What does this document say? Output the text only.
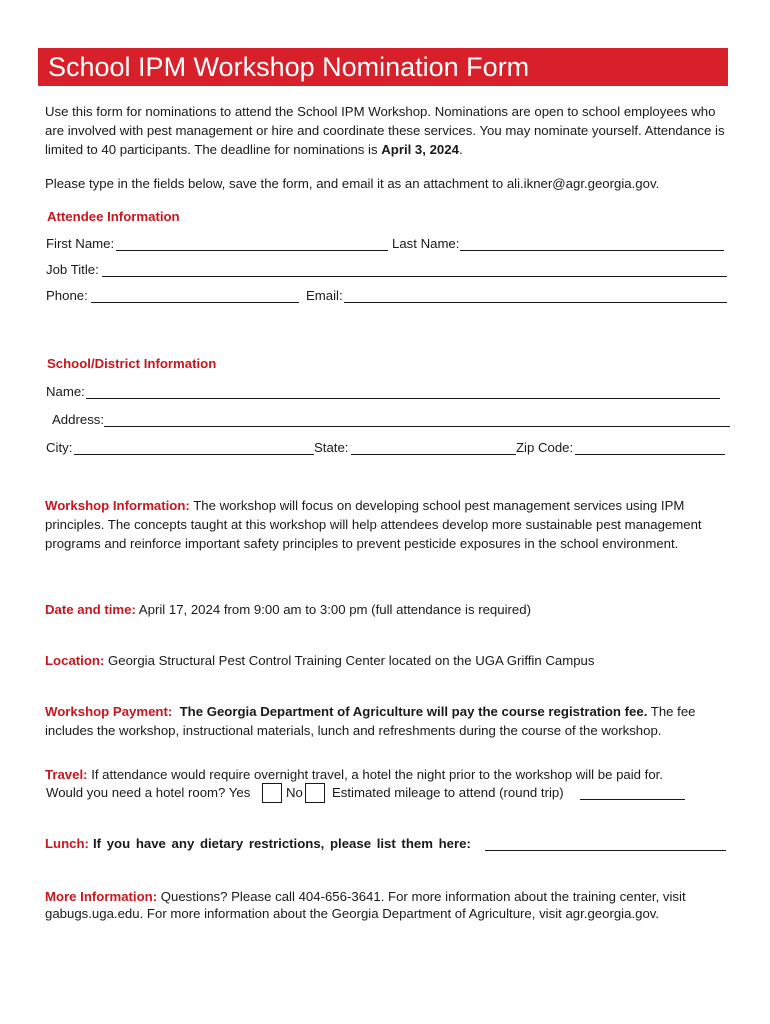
School IPM Workshop Nomination Form

Use this form for nominations to attend the School IPM Workshop. Nominations are open to school employees who are involved with pest management or hire and coordinate these services. You may nominate yourself. Attendance is limited to 40 participants. The deadline for nominations is April 3, 2024.

Please type in the fields below, save the form, and email it as an attachment to ali.ikner@agr.georgia.gov.

Attendee Information
First Name:	Last Name:
Job Title:
Phone:	Email:
School/District Information
Name:
Address:
City:	State:	Zip Code:

Workshop Information: The workshop will focus on developing school pest management services using IPM principles. The concepts taught at this workshop will help attendees develop more sustainable pest management programs and reinforce important safety principles to prevent pesticide exposures in the school environment.

Date and time: April 17, 2024 from 9:00 am to 3:00 pm (full attendance is required)

Location: Georgia Structural Pest Control Training Center located on the UGA Griffin Campus

Workshop Payment: The Georgia Department of Agriculture will pay the course registration fee. The fee includes the workshop, instructional materials, lunch and refreshments during the course of the workshop.

Travel: If attendance would require overnight travel, a hotel the night prior to the workshop will be paid for.

Would you need a hotel room? Yes	No Estimated mileage to attend (round trip)
Lunch: If you have any dietary restrictions, please list them here:

More Information: Questions? Please call 404-656-3641. For more information about the training center, visit gabugs.uga.edu. For more information about the Georgia Department of Agriculture, visit agr.georgia.gov.
